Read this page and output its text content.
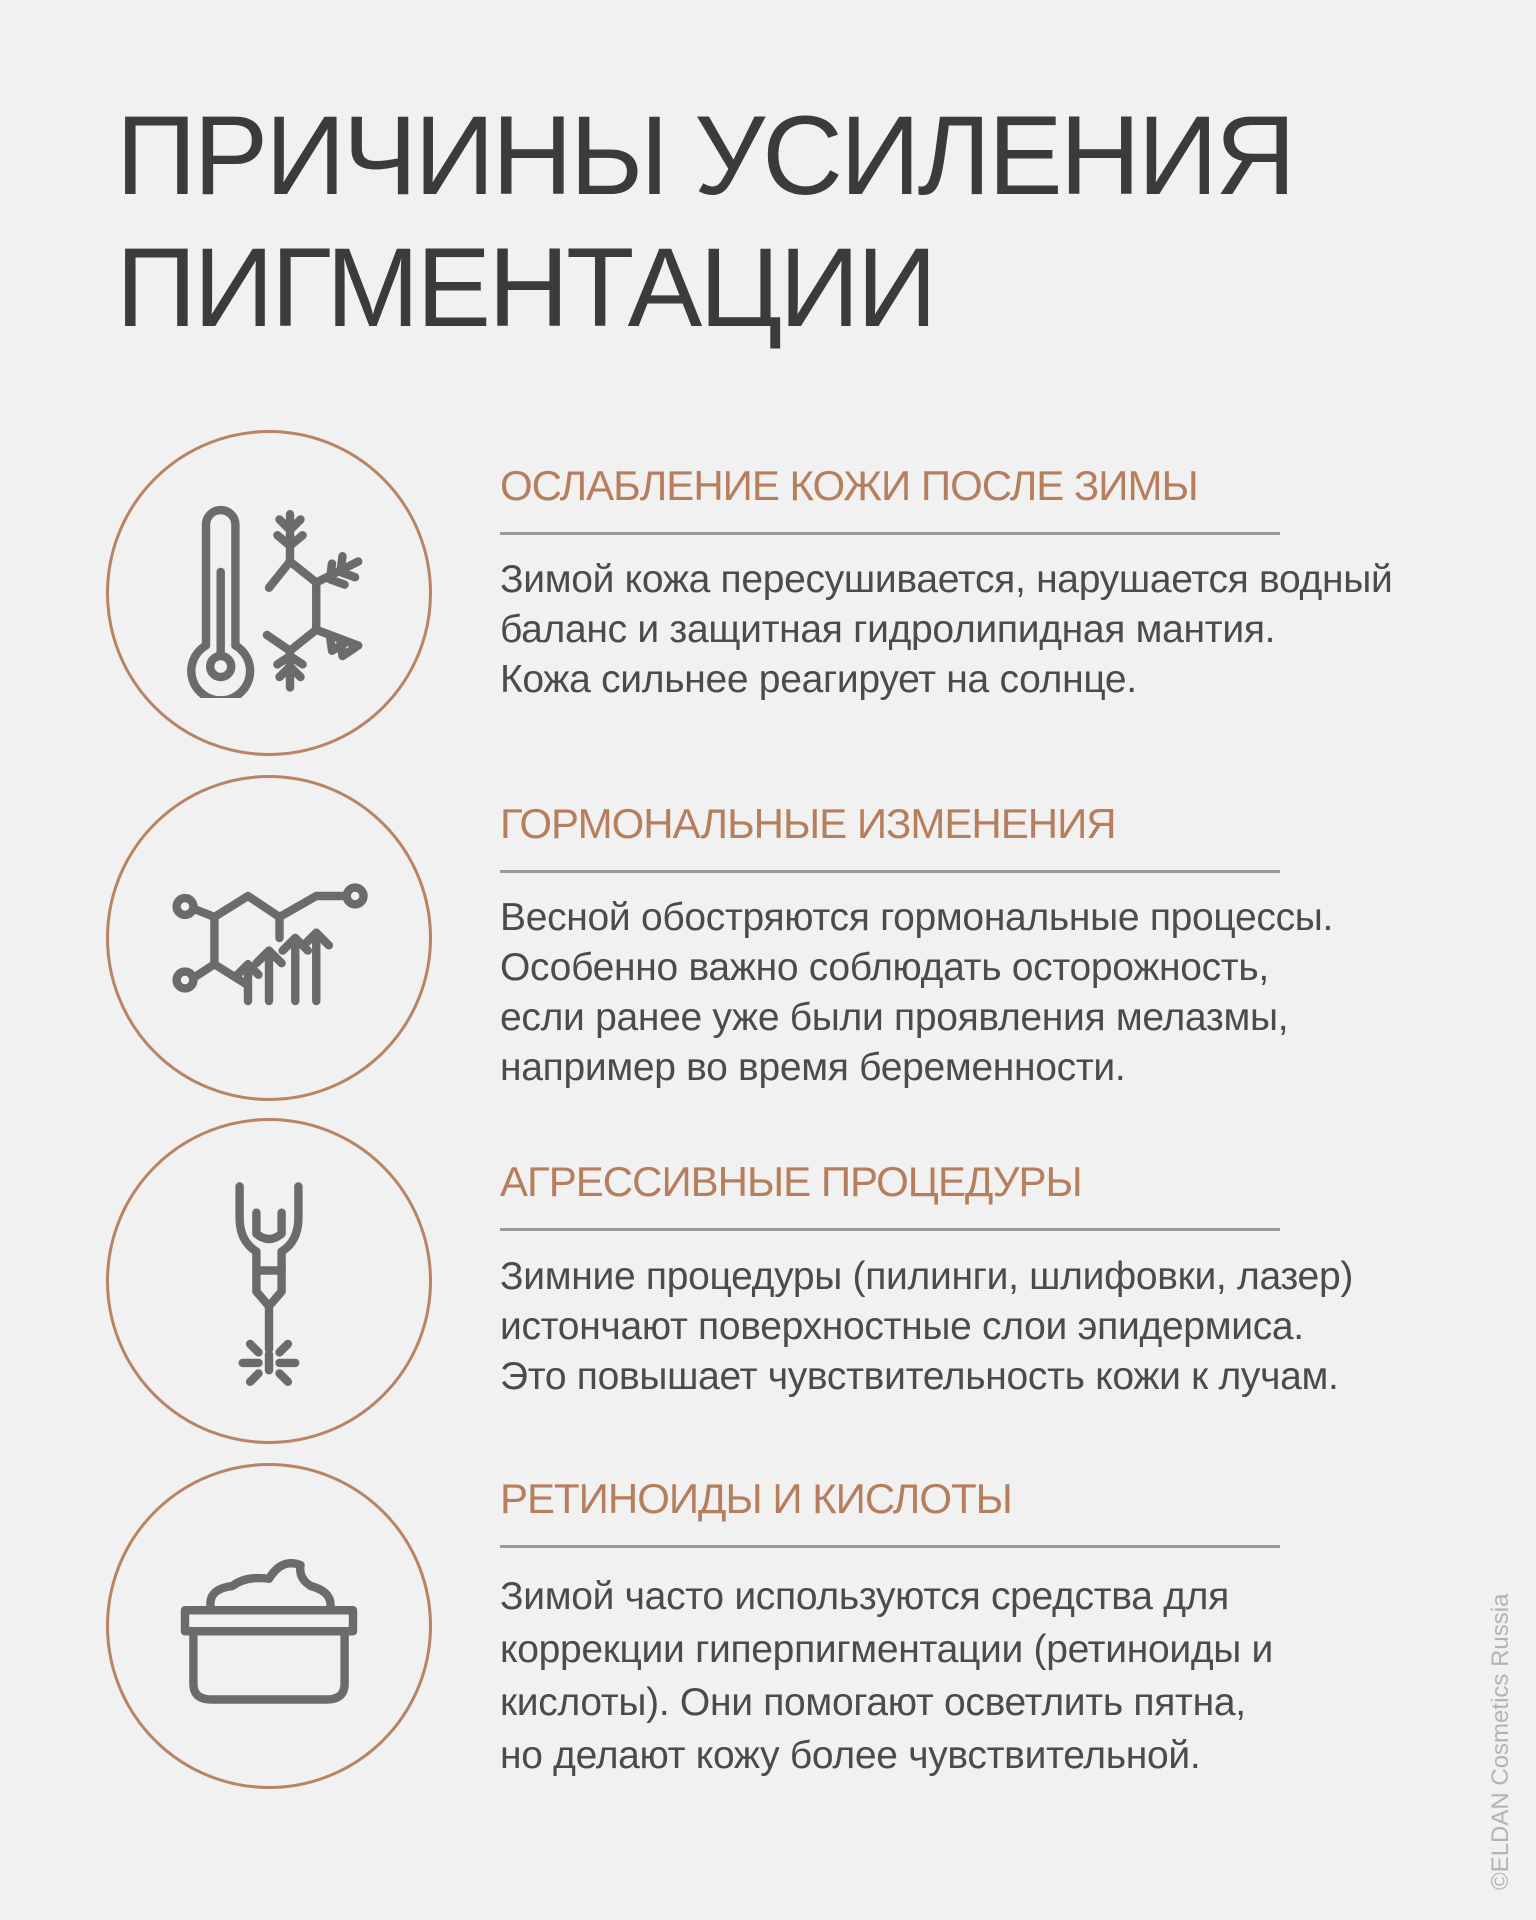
ПРИЧИНЫ УСИЛЕНИЯ
ПИГМЕНТАЦИИ
ОСЛАБЛЕНИЕ КОЖИ ПОСЛЕ ЗИМЫ
Зимой кожа пересушивается, нарушается водный
баланс и защитная гидролипидная мантия.
Кожа сильнее реагирует на солнце.
ГОРМОНАЛЬНЫЕ ИЗМЕНЕНИЯ
Весной обостряются гормональные процессы.
Особенно важно соблюдать осторожность,
если ранее уже были проявления мелазмы,
например во время беременности.
АГРЕССИВНЫЕ ПРОЦЕДУРЫ
Зимние процедуры (пилинги, шлифовки, лазер)
истончают поверхностные слои эпидермиса.
Это повышает чувствительность кожи к лучам.
РЕТИНОИДЫ И КИСЛОТЫ
Зимой часто используются средства для
коррекции гиперпигментации (ретиноиды и
кислоты). Они помогают осветлить пятна,
но делают кожу более чувствительной.	©ELDAN Cosmetics Russia
